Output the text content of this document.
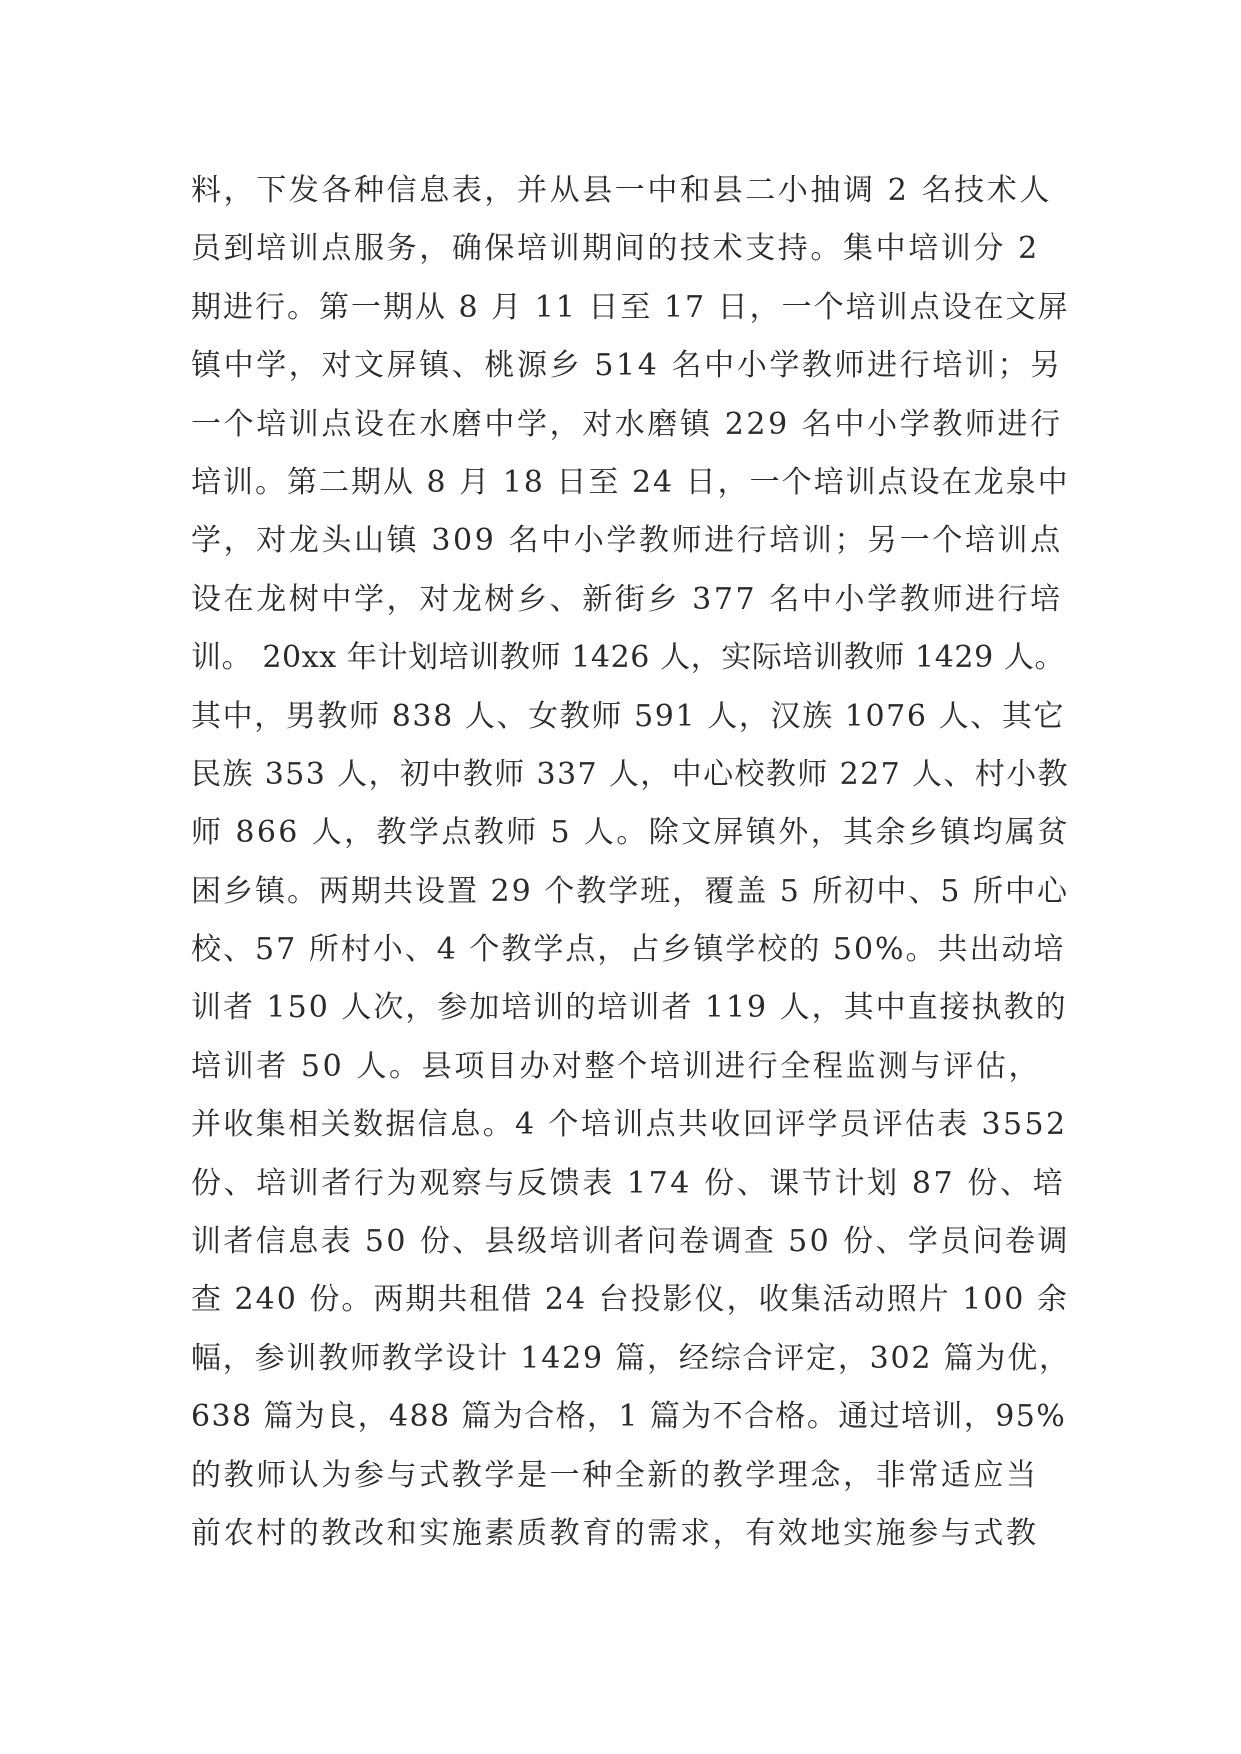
料，下发各种信息表，并从县一中和县二小抽调 2 名技术人
员到培训点服务，确保培训期间的技术支持。集中培训分 2
期进行。第一期从 8 月 11 日至 17 日，一个培训点设在文屏
镇中学，对文屏镇、桃源乡 514 名中小学教师进行培训；另
一个培训点设在水磨中学，对水磨镇 229 名中小学教师进行
培训。第二期从 8 月 18 日至 24 日，一个培训点设在龙泉中
学，对龙头山镇 309 名中小学教师进行培训；另一个培训点
设在龙树中学，对龙树乡、新街乡 377 名中小学教师进行培
训。 20xx 年计划培训教师 1426 人，实际培训教师 1429 人。
其中，男教师 838 人、女教师 591 人，汉族 1076 人、其它
民族 353 人，初中教师 337 人，中心校教师 227 人、村小教
师 866 人，教学点教师 5 人。除文屏镇外，其余乡镇均属贫
困乡镇。两期共设置 29 个教学班，覆盖 5 所初中、5 所中心
校、57 所村小、4 个教学点，占乡镇学校的 50%。共出动培
训者 150 人次，参加培训的培训者 119 人，其中直接执教的
培训者 50 人。县项目办对整个培训进行全程监测与评估，
并收集相关数据信息。4 个培训点共收回评学员评估表 3552
份、培训者行为观察与反馈表 174 份、课节计划 87 份、培
训者信息表 50 份、县级培训者问卷调查 50 份、学员问卷调
查 240 份。两期共租借 24 台投影仪，收集活动照片 100 余
幅，参训教师教学设计 1429 篇，经综合评定，302 篇为优，
638 篇为良，488 篇为合格，1 篇为不合格。通过培训，95%
的教师认为参与式教学是一种全新的教学理念，非常适应当
前农村的教改和实施素质教育的需求，有效地实施参与式教
